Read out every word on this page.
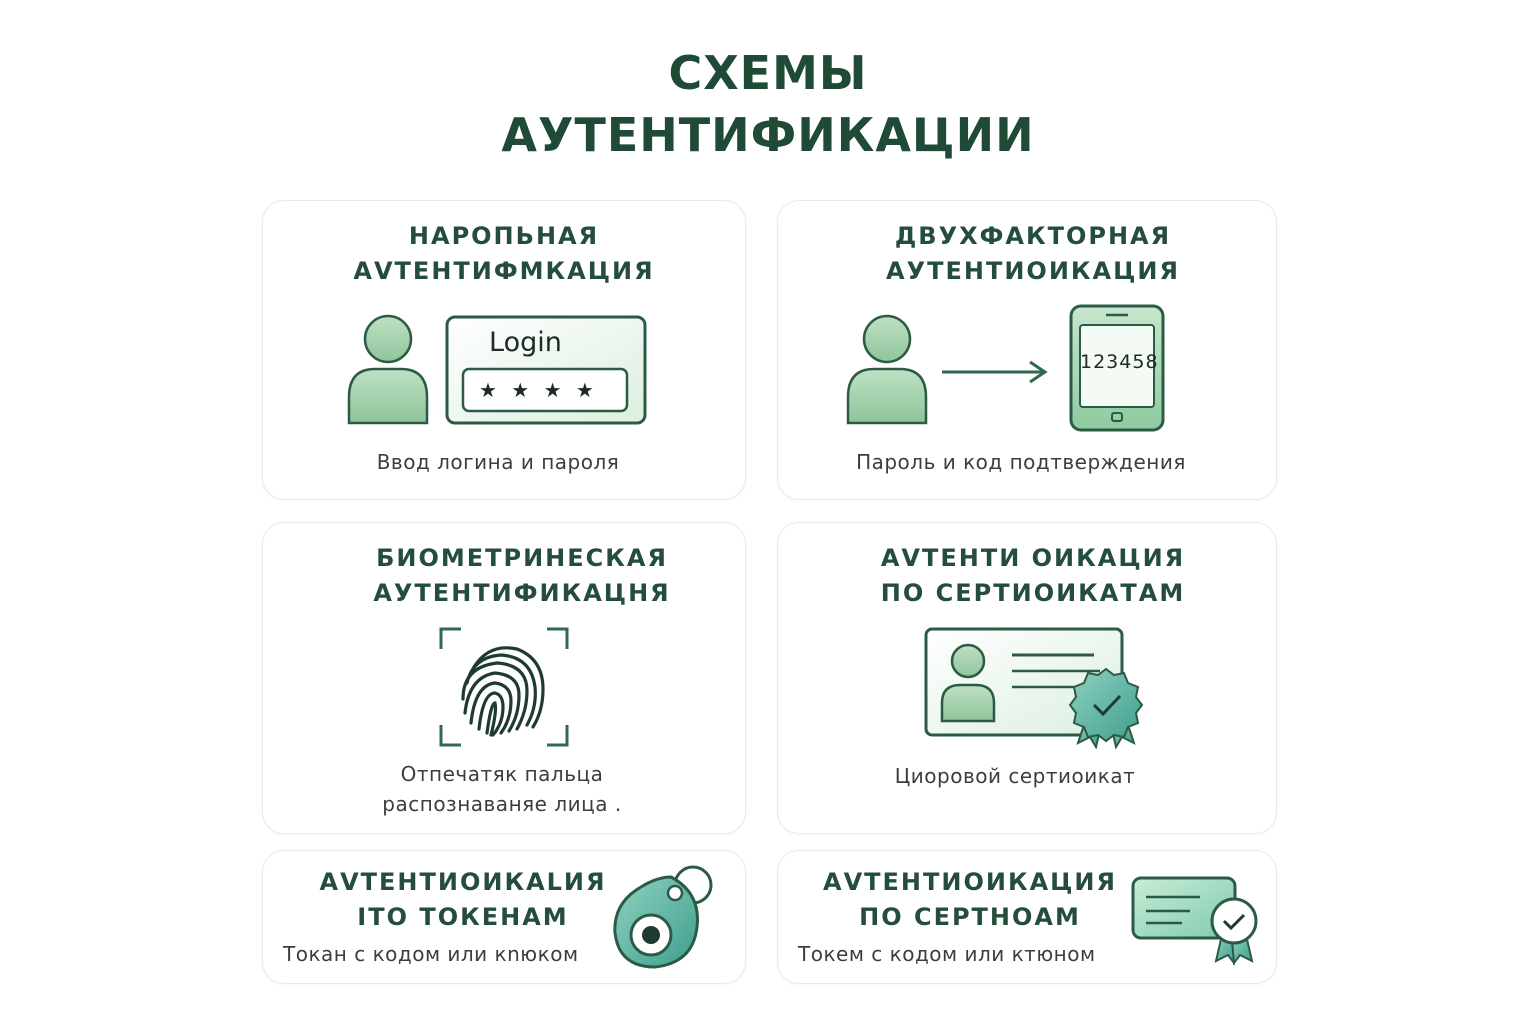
СХЕМЫ
АУТЕНТИФИКАЦИИ
НАРОПЬНАЯ
АVТЕНТИФМКАЦИЯ
Login
★ ★ ★ ★
Ввод логина и пароля
ДВУХФАКТОРНАЯ
АУТЕНТИОИКАЦИЯ
123458
Пароль и код подтверждения
БИОМЕТРИНЕСКАЯ
АУТЕНТИФИКАЦНЯ
Отпечатяк пальца
распознаваняе лица .
АVТЕНТИ ОИКАЦИЯ
ПО СЕРТИОИКАТАМ
Циоровой сертиоикат
АVТЕНТИОИКАLИЯ
IТО ТОКЕНАМ
Токан с кодом или кnюком
АVТЕНТИОИКАЦИЯ
ПО СЕРТНОАМ
Токем с кодом или ктюном
